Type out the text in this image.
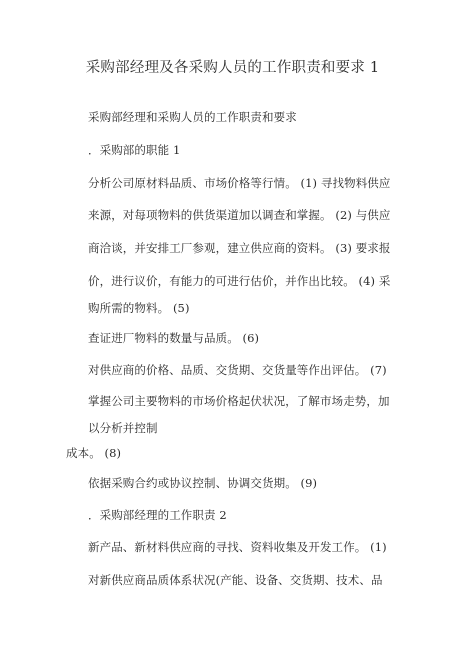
采购部经理及各采购人员的工作职责和要求 1
采购部经理和采购人员的工作职责和要求
．采购部的职能 1
分析公司原材料品质、市场价格等行情。 (1) 寻找物料供应
来源，对每项物料的供货渠道加以调查和掌握。 (2) 与供应
商洽谈，并安排工厂参观，建立供应商的资料。 (3) 要求报
价，进行议价，有能力的可进行估价，并作出比较。 (4) 采
购所需的物料。 (5)
查证进厂物料的数量与品质。 (6)
对供应商的价格、品质、交货期、交货量等作出评估。 (7)
掌握公司主要物料的市场价格起伏状况，了解市场走势，加
以分析并控制
成本。 (8)
依据采购合约或协议控制、协调交货期。 (9)
．采购部经理的工作职责 2
新产品、新材料供应商的寻找、资料收集及开发工作。 (1)
对新供应商品质体系状况(产能、设备、交货期、技术、品
